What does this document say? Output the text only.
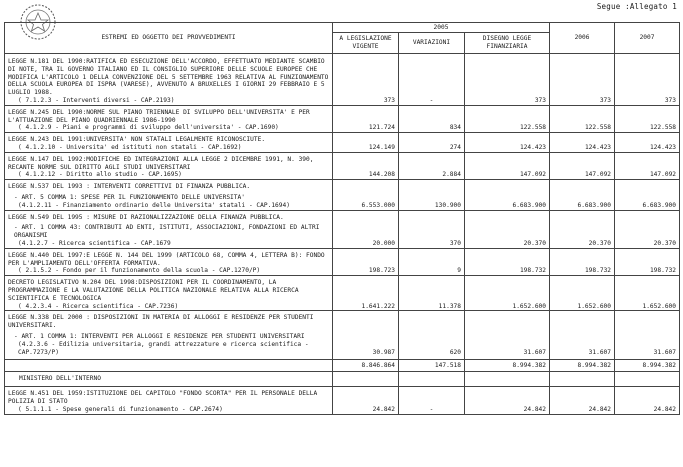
Segue :Allegato 1
ESTREMI ED OGGETTO DEI PROVVEDIMENTI	2005			2006	2007
	A LEGISLAZIONE VIGENTE	VARIAZIONI	DISEGNO LEGGE FINANZIARIA		

LEGGE N.181 DEL 1990:RATIFICA ED ESECUZIONE DELL'ACCORDO, EFFETTUATO MEDIANTE SCAMBIO DI NOTE, TRA IL GOVERNO ITALIANO ED IL CONSIGLIO SUPERIORE DELLE SCUOLE EUROPEE CHE MODIFICA L'ARTICOLO 1 DELLA CONVENZIONE DEL 5 SETTEMBRE 1963 RELATIVA AL FUNZIONAMENTO DELLA SCUOLA EUROPEA DI ISPRA (VARESE), AVVENUTO A BRUXELLES I GIORNI 29 FEBBRAIO E 5 LUGLIO 1988.
( 7.1.2.3 - Interventi diversi - CAP.2193)	373	-	373	373	373

LEGGE N.245 DEL 1990:NORME SUL PIANO TRIENNALE DI SVILUPPO DELL'UNIVERSITA' E PER L'ATTUAZIONE DEL PIANO QUADRIENNALE 1986-1990
( 4.1.2.9 - Piani e programmi di sviluppo dell'universita' - CAP.1690)	121.724	834	122.558	122.558	122.558

LEGGE N.243 DEL 1991:UNIVERSITA' NON STATALI LEGALMENTE RICONOSCIUTE.
( 4.1.2.10 - Universita' ed istituti non statali - CAP.1692)	124.149	274	124.423	124.423	124.423

LEGGE N.147 DEL 1992:MODIFICHE ED INTEGRAZIONI ALLA LEGGE 2 DICEMBRE 1991, N. 390, RECANTE NORME SUL DIRITTO AGLI STUDI UNIVERSITARI
( 4.1.2.12 - Diritto allo studio - CAP.1695)	144.208	2.884	147.092	147.092	147.092

LEGGE N.537 DEL 1993 : INTERVENTI CORRETTIVI DI FINANZA PUBBLICA.
- ART. 5 COMMA 1: SPESE PER IL FUNZIONAMENTO DELLE UNIVERSITA'
(4.1.2.11 - Finanziamento ordinario delle Universita' statali - CAP.1694)	6.553.000	130.900	6.683.900	6.683.900	6.683.900

LEGGE N.549 DEL 1995 : MISURE DI RAZIONALIZZAZIONE DELLA FINANZA PUBBLICA.
- ART. 1 COMMA 43: CONTRIBUTI AD ENTI, ISTITUTI, ASSOCIAZIONI, FONDAZIONI ED ALTRI ORGANISMI
(4.1.2.7 - Ricerca scientifica - CAP.1679	20.000	370	20.370	20.370	20.370

LEGGE N.440 DEL 1997:E LEGGE N. 144 DEL 1999 (ARTICOLO 68, COMMA 4, LETTERA B): FONDO PER L'AMPLIAMENTO DELL'OFFERTA FORMATIVA.
( 2.1.5.2 - Fondo per il funzionamento della scuola - CAP.1270/P)	198.723	9	198.732	198.732	198.732

DECRETO LEGISLATIVO N.204 DEL 1998:DISPOSIZIONI PER IL COORDINAMENTO, LA PROGRAMMAZIONE E LA VALUTAZIONE DELLA POLITICA NAZIONALE RELATIVA ALLA RICERCA SCIENTIFICA E TECNOLOGICA
( 4.2.3.4 - Ricerca scientifica - CAP.7236)	1.641.222	11.378	1.652.600	1.652.600	1.652.600

LEGGE N.338 DEL 2000 : DISPOSIZIONI IN MATERIA DI ALLOGGI E RESIDENZE PER STUDENTI UNIVERSITARI.
- ART. 1 COMMA 1: INTERVENTI PER ALLOGGI E RESIDENZE PER STUDENTI UNIVERSITARI
(4.2.3.6 - Edilizia universitaria, grandi attrezzature e ricerca scientifica - CAP.7273/P)	30.987	620	31.607	31.607	31.607

	8.846.864	147.518	8.994.382	8.994.382	8.994.382
MINISTERO DELL'INTERNO					

LEGGE N.451 DEL 1959:ISTITUZIONE DEL CAPITOLO "FONDO SCORTA" PER IL PERSONALE DELLA POLIZIA DI STATO
( 5.1.1.1 - Spese generali di funzionamento - CAP.2674)	24.842	-	24.842	24.842	24.842
